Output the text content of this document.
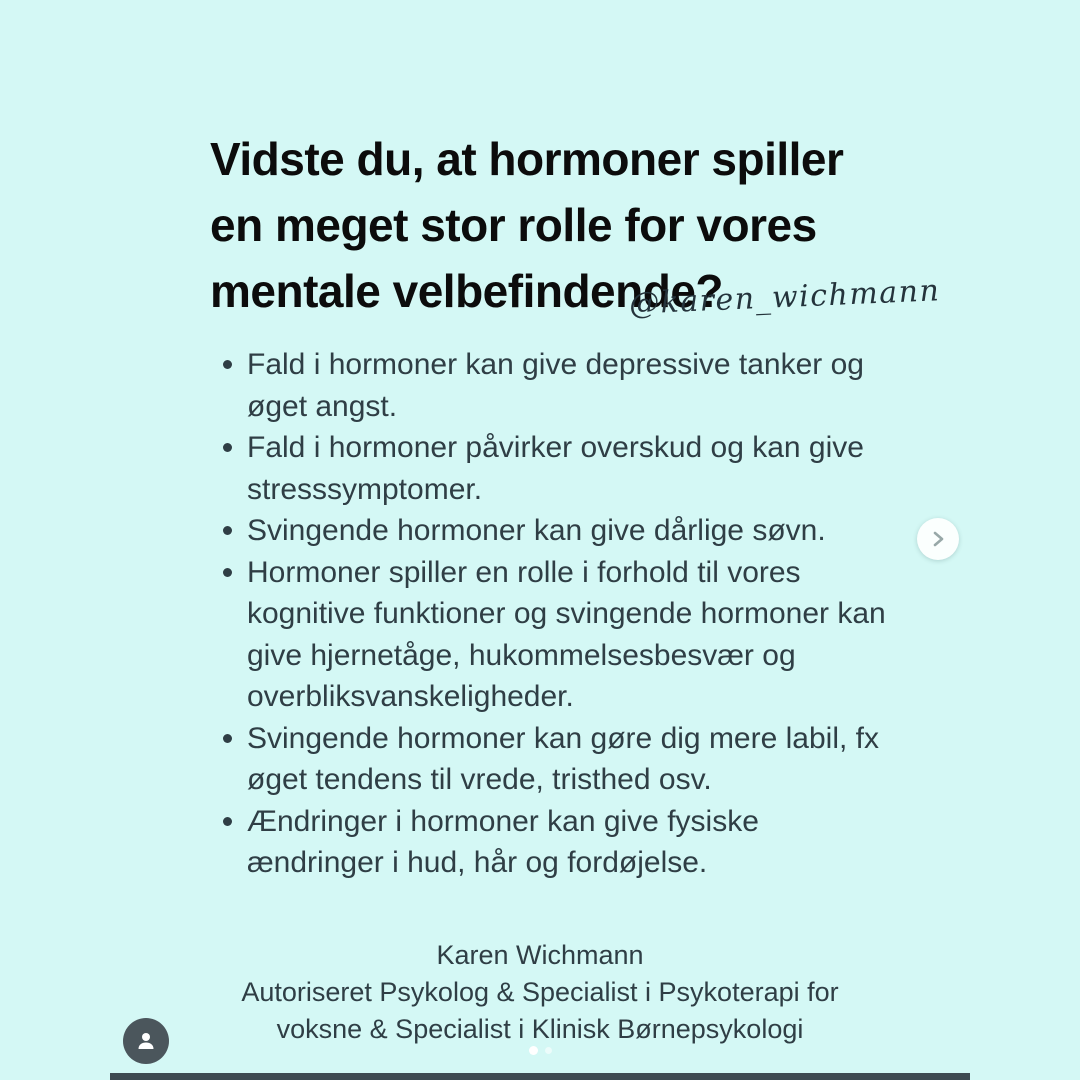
Vidste du, at hormoner spiller
en meget stor rolle for vores
mentale velbefindende?
@karen_wichmann
Fald i hormoner kan give depressive tanker og øget angst.
Fald i hormoner påvirker overskud og kan give stresssymptomer.
Svingende hormoner kan give dårlige søvn.
Hormoner spiller en rolle i forhold til vores kognitive funktioner og svingende hormoner kan give hjernetåge, hukommelsesbesvær og overbliksvanskeligheder.
Svingende hormoner kan gøre dig mere labil, fx øget tendens til vrede, tristhed osv.
Ændringer i hormoner kan give fysiske ændringer i hud, hår og fordøjelse.
Karen Wichmann
Autoriseret Psykolog & Specialist i Psykoterapi for
voksne & Specialist i Klinisk Børnepsykologi
